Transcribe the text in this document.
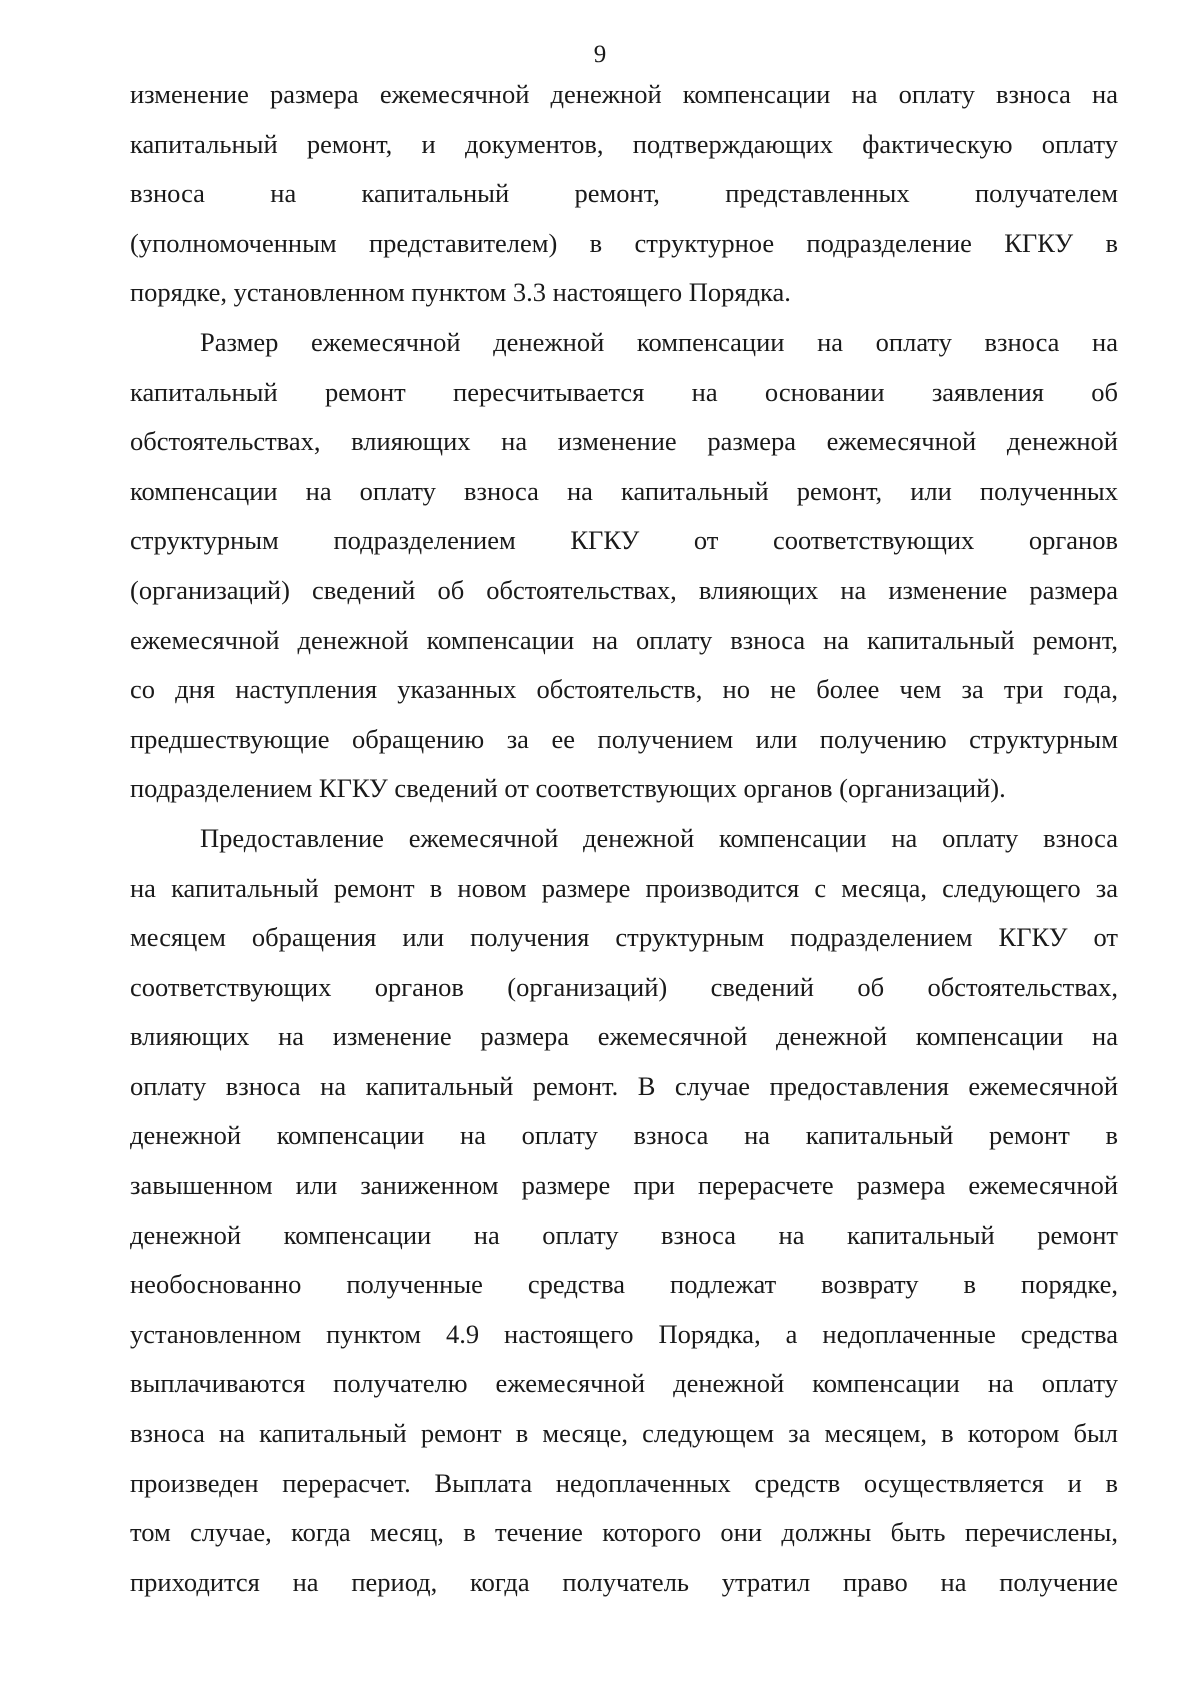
9

изменение размера ежемесячной денежной компенсации на оплату взноса на

капитальный ремонт, и документов, подтверждающих фактическую оплату

взноса на капитальный ремонт, представленных получателем

(уполномоченным представителем) в структурное подразделение КГКУ в

порядке, установленном пунктом 3.3 настоящего Порядка.

Размер ежемесячной денежной компенсации на оплату взноса на

капитальный ремонт пересчитывается на основании заявления об

обстоятельствах, влияющих на изменение размера ежемесячной денежной

компенсации на оплату взноса на капитальный ремонт, или полученных

структурным подразделением КГКУ от соответствующих органов

(организаций) сведений об обстоятельствах, влияющих на изменение размера

ежемесячной денежной компенсации на оплату взноса на капитальный ремонт,

со дня наступления указанных обстоятельств, но не более чем за три года,

предшествующие обращению за ее получением или получению структурным

подразделением КГКУ сведений от соответствующих органов (организаций).

Предоставление ежемесячной денежной компенсации на оплату взноса

на капитальный ремонт в новом размере производится с месяца, следующего за

месяцем обращения или получения структурным подразделением КГКУ от

соответствующих органов (организаций) сведений об обстоятельствах,

влияющих на изменение размера ежемесячной денежной компенсации на

оплату взноса на капитальный ремонт. В случае предоставления ежемесячной

денежной компенсации на оплату взноса на капитальный ремонт в

завышенном или заниженном размере при перерасчете размера ежемесячной

денежной компенсации на оплату взноса на капитальный ремонт

необоснованно полученные средства подлежат возврату в порядке,

установленном пунктом 4.9 настоящего Порядка, а недоплаченные средства

выплачиваются получателю ежемесячной денежной компенсации на оплату

взноса на капитальный ремонт в месяце, следующем за месяцем, в котором был

произведен перерасчет. Выплата недоплаченных средств осуществляется и в

том случае, когда месяц, в течение которого они должны быть перечислены,

приходится на период, когда получатель утратил право на получение
